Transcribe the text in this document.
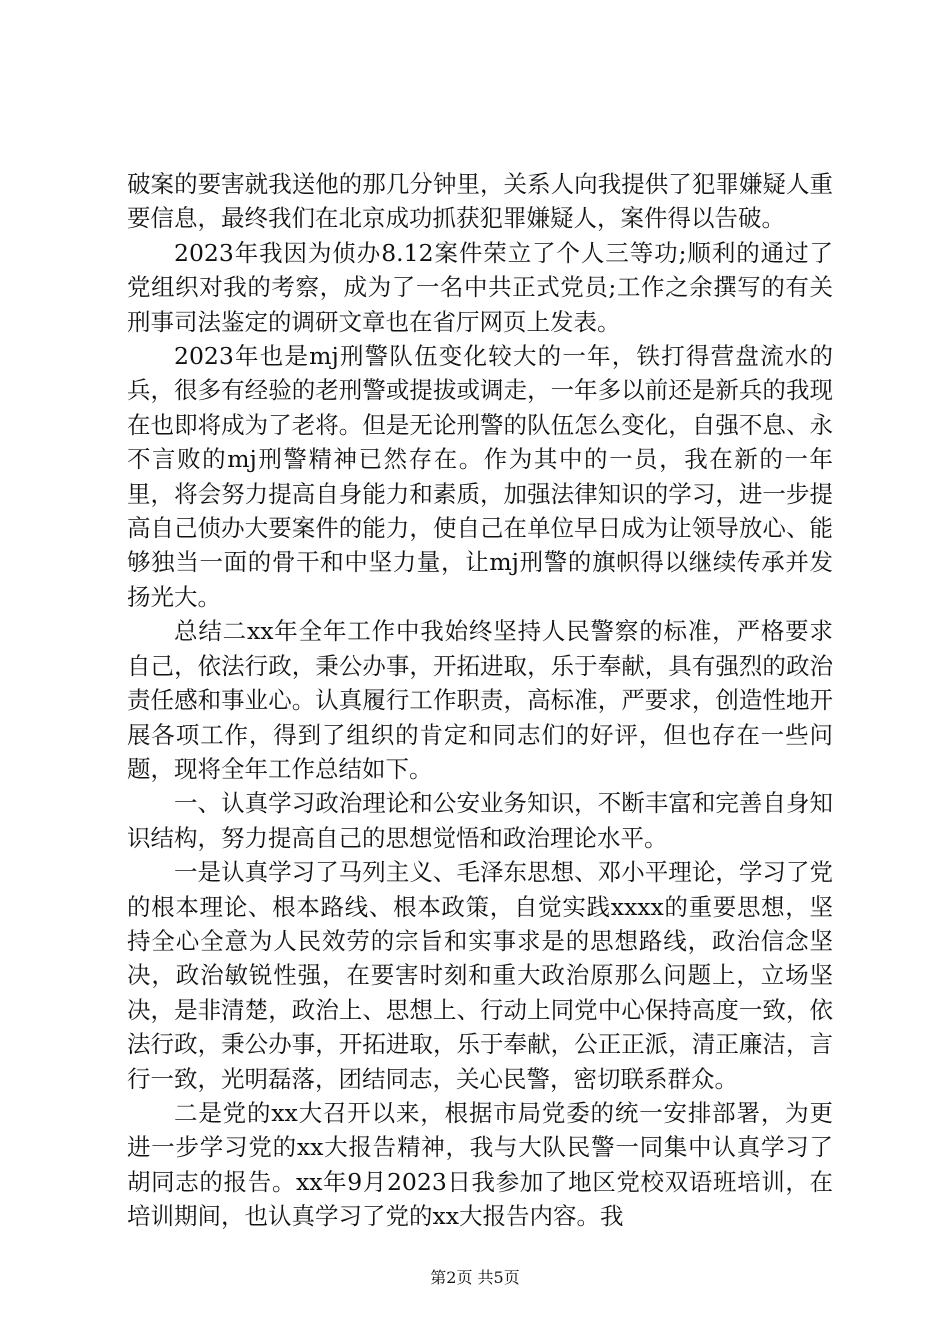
破案的要害就我送他的那几分钟里，关系人向我提供了犯罪嫌疑人重要信息，最终我们在北京成功抓获犯罪嫌疑人，案件得以告破。

2023年我因为侦办8.12案件荣立了个人三等功;顺利的通过了党组织对我的考察，成为了一名中共正式党员;工作之余撰写的有关刑事司法鉴定的调研文章也在省厅网页上发表。

2023年也是mj刑警队伍变化较大的一年，铁打得营盘流水的兵，很多有经验的老刑警或提拔或调走，一年多以前还是新兵的我现在也即将成为了老将。但是无论刑警的队伍怎么变化，自强不息、永不言败的mj刑警精神已然存在。作为其中的一员，我在新的一年里，将会努力提高自身能力和素质，加强法律知识的学习，进一步提高自己侦办大要案件的能力，使自己在单位早日成为让领导放心、能够独当一面的骨干和中坚力量，让mj刑警的旗帜得以继续传承并发扬光大。

总结二xx年全年工作中我始终坚持人民警察的标准，严格要求自己，依法行政，秉公办事，开拓进取，乐于奉献，具有强烈的政治责任感和事业心。认真履行工作职责，高标准，严要求，创造性地开展各项工作，得到了组织的肯定和同志们的好评，但也存在一些问题，现将全年工作总结如下。

一、认真学习政治理论和公安业务知识，不断丰富和完善自身知识结构，努力提高自己的思想觉悟和政治理论水平。

一是认真学习了马列主义、毛泽东思想、邓小平理论，学习了党的根本理论、根本路线、根本政策，自觉实践xxxx的重要思想，坚持全心全意为人民效劳的宗旨和实事求是的思想路线，政治信念坚决，政治敏锐性强，在要害时刻和重大政治原那么问题上，立场坚决，是非清楚，政治上、思想上、行动上同党中心保持高度一致，依法行政，秉公办事，开拓进取，乐于奉献，公正正派，清正廉洁，言行一致，光明磊落，团结同志，关心民警，密切联系群众。

二是党的xx大召开以来，根据市局党委的统一安排部署，为更进一步学习党的xx大报告精神，我与大队民警一同集中认真学习了胡同志的报告。xx年9月2023日我参加了地区党校双语班培训，在培训期间，也认真学习了党的xx大报告内容。我

第2页 共5页
